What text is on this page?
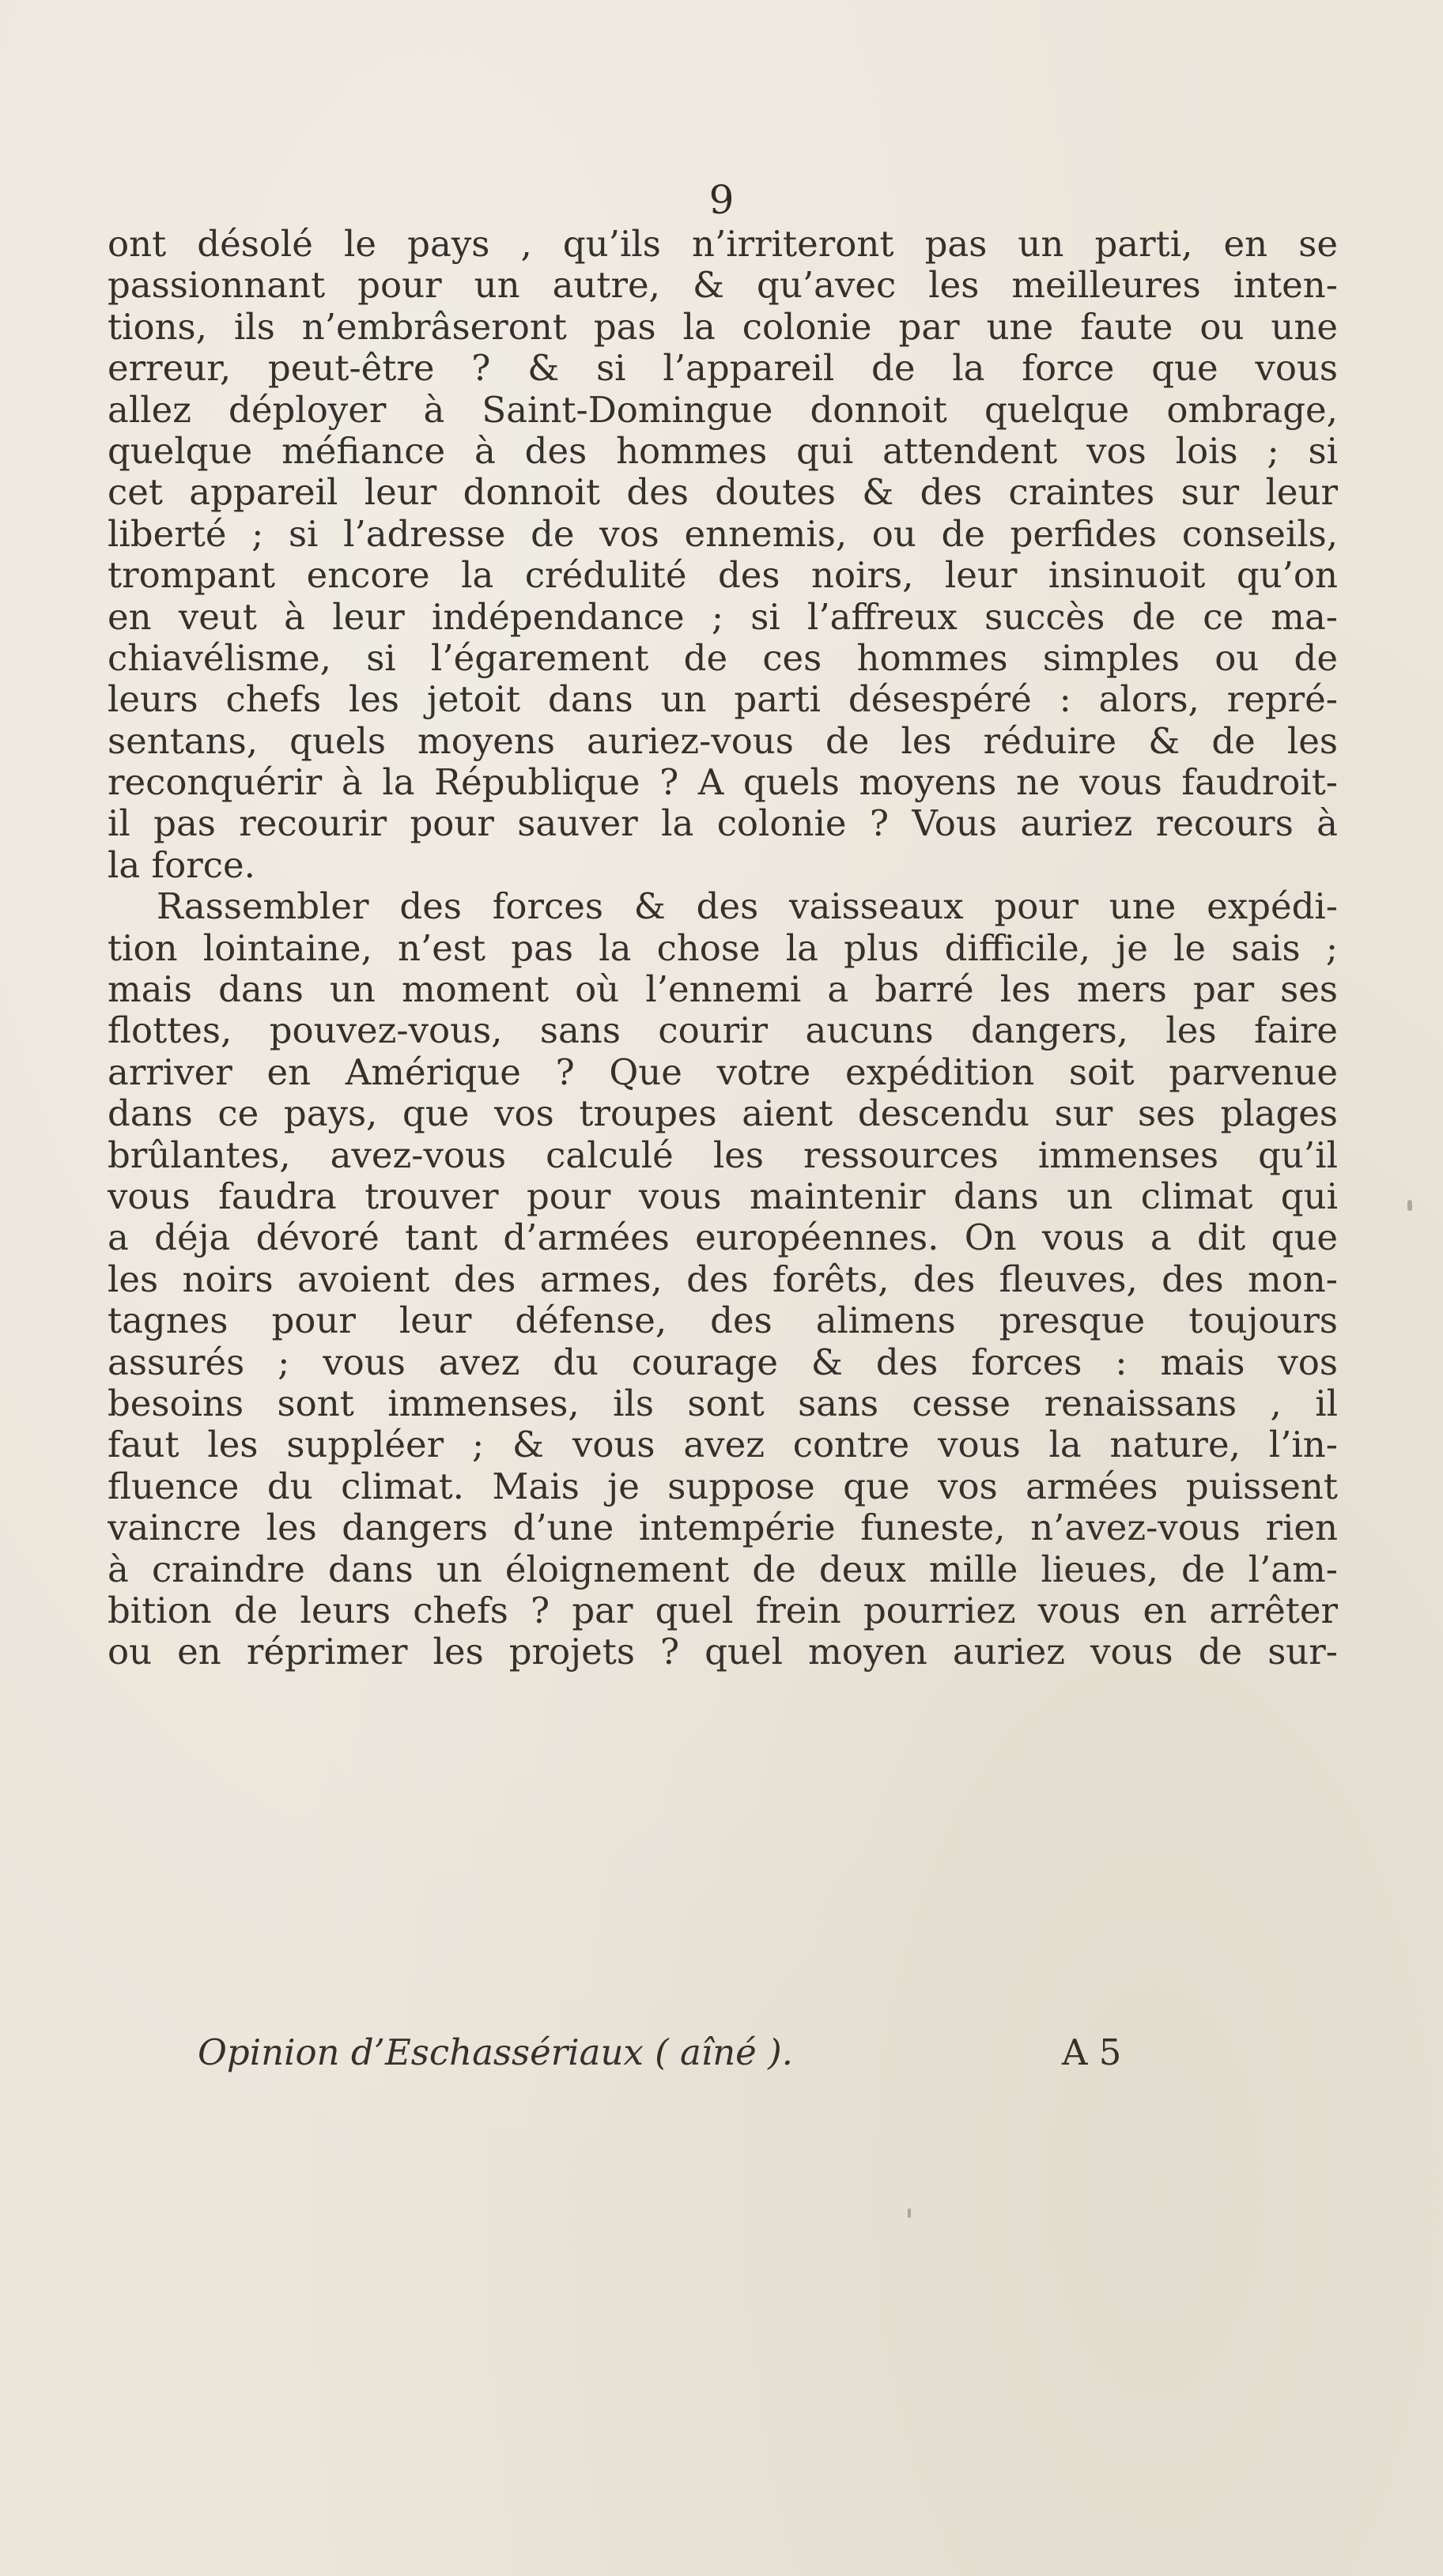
9
ont désolé le pays , qu’ils n’irriteront pas un parti, en se
passionnant pour un autre, & qu’avec les meilleures inten-
tions, ils n’embrâseront pas la colonie par une faute ou une
erreur, peut-être ? & si l’appareil de la force que vous
allez déployer à Saint-Domingue donnoit quelque ombrage,
quelque méfiance à des hommes qui attendent vos lois ; si
cet appareil leur donnoit des doutes & des craintes sur leur
liberté ; si l’adresse de vos ennemis, ou de perfides conseils,
trompant encore la crédulité des noirs, leur insinuoit qu’on
en veut à leur indépendance ; si l’affreux succès de ce ma-
chiavélisme, si l’égarement de ces hommes simples ou de
leurs chefs les jetoit dans un parti désespéré : alors, repré-
sentans, quels moyens auriez-vous de les réduire & de les
reconquérir à la République ? A quels moyens ne vous faudroit-
il pas recourir pour sauver la colonie ? Vous auriez recours à
la force.
Rassembler des forces & des vaisseaux pour une expédi-
tion lointaine, n’est pas la chose la plus difficile, je le sais ;
mais dans un moment où l’ennemi a barré les mers par ses
flottes, pouvez-vous, sans courir aucuns dangers, les faire
arriver en Amérique ? Que votre expédition soit parvenue
dans ce pays, que vos troupes aient descendu sur ses plages
brûlantes, avez-vous calculé les ressources immenses qu’il
vous faudra trouver pour vous maintenir dans un climat qui
a déja dévoré tant d’armées européennes. On vous a dit que
les noirs avoient des armes, des forêts, des fleuves, des mon-
tagnes pour leur défense, des alimens presque toujours
assurés ; vous avez du courage & des forces : mais vos
besoins sont immenses, ils sont sans cesse renaissans , il
faut les suppléer ; & vous avez contre vous la nature, l’in-
fluence du climat. Mais je suppose que vos armées puissent
vaincre les dangers d’une intempérie funeste, n’avez-vous rien
à craindre dans un éloignement de deux mille lieues, de l’am-
bition de leurs chefs ? par quel frein pourriez vous en arrêter
ou en réprimer les projets ? quel moyen auriez vous de sur-
Opinion d’Eschassériaux ( aîné ).	A 5
